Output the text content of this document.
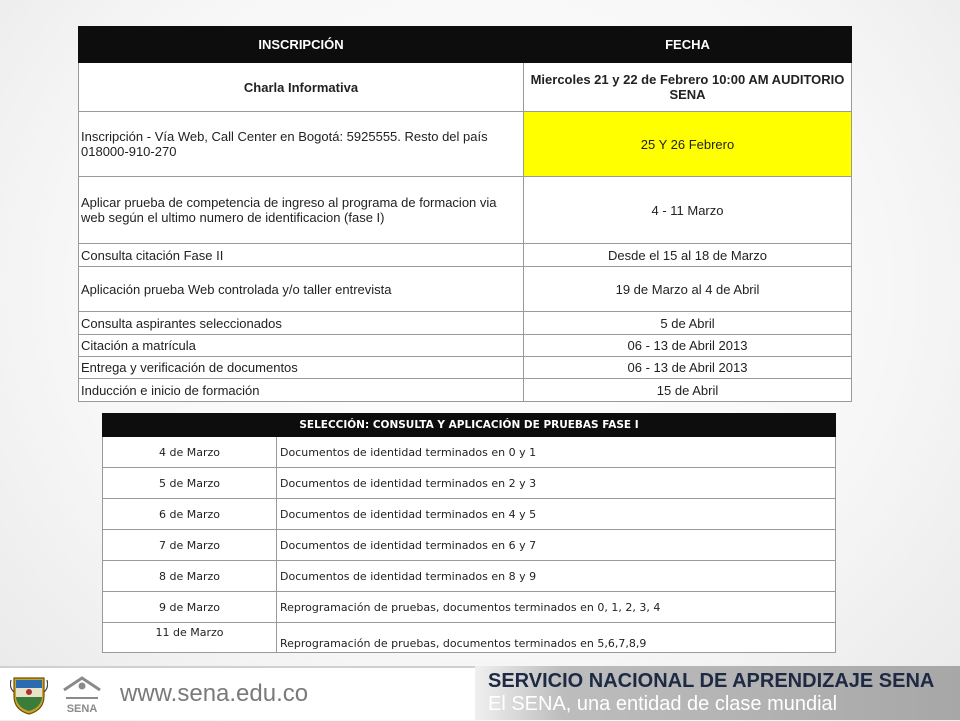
INSCRIPCIÓN	FECHA
Charla Informativa	Miercoles 21 y 22 de Febrero 10:00 AM AUDITORIO SENA
Inscripción - Vía Web, Call Center en Bogotá: 5925555. Resto del país 018000-910-270	25 Y 26 Febrero
Aplicar prueba de competencia de ingreso al programa de formacion via web según el ultimo numero de identificacion (fase I)	4 - 11 Marzo
Consulta citación Fase II	Desde el 15 al 18 de Marzo
Aplicación prueba Web controlada y/o taller entrevista	19 de Marzo al 4 de Abril
Consulta aspirantes seleccionados	5 de Abril
Citación a matrícula	06 - 13 de Abril 2013
Entrega y verificación de documentos	06 - 13 de Abril 2013
Inducción e inicio de formación	15 de Abril
SELECCIÓN: CONSULTA Y APLICACIÓN DE PRUEBAS FASE I	
4 de Marzo	Documentos de identidad terminados en 0 y 1
5 de Marzo	Documentos de identidad terminados en 2 y 3
6 de Marzo	Documentos de identidad terminados en 4 y 5
7 de Marzo	Documentos de identidad terminados en 6 y 7
8 de Marzo	Documentos de identidad terminados en 8 y 9
9 de Marzo	Reprogramación de pruebas, documentos terminados en 0, 1, 2, 3, 4
11 de Marzo	Reprogramación de pruebas, documentos terminados en 5,6,7,8,9
SENA
www.sena.edu.co	SERVICIO NACIONAL DE APRENDIZAJE SENA
El SENA, una entidad de clase mundial
